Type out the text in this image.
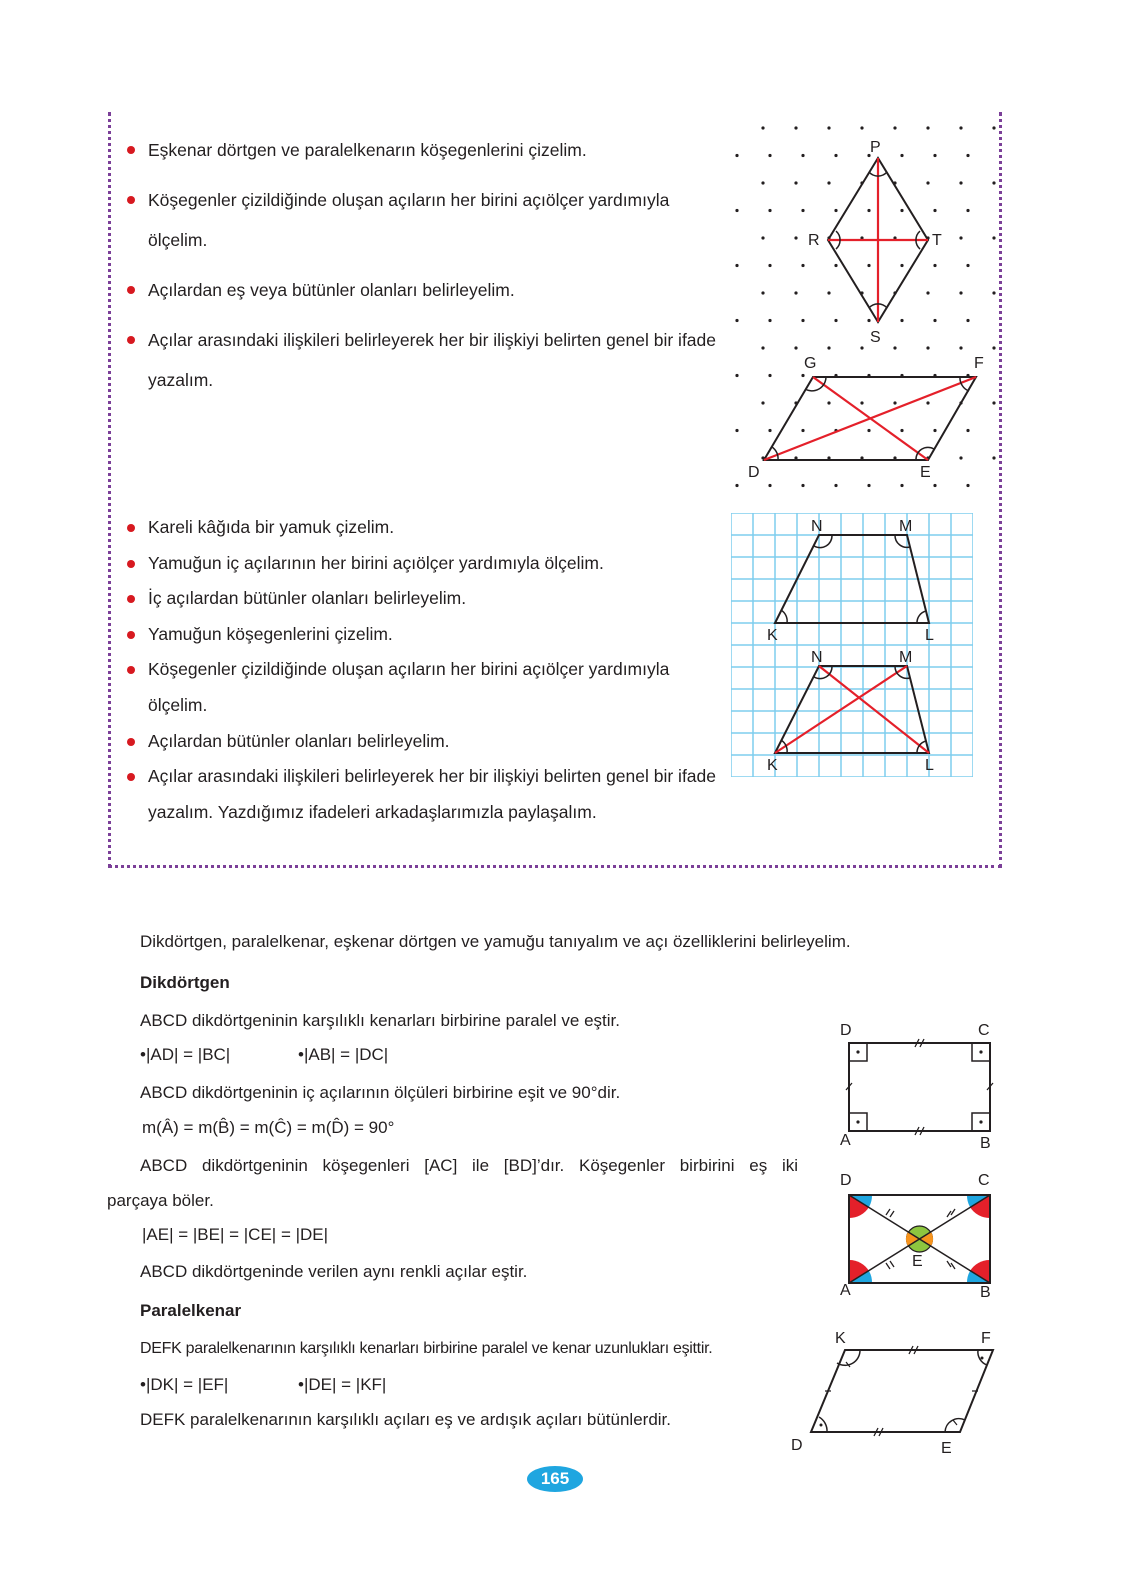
Eşkenar dörtgen ve paralelkenarın köşegenlerini çizelim.
Köşegenler çizildiğinde oluşan açıların her birini açıölçer yardımıyla ölçelim.
Açılardan eş veya bütünler olanları belirleyelim.
Açılar arasındaki ilişkileri belirleyerek her bir ilişkiyi belirten genel bir ifade yazalım.
P
R	T
S
G	F
D	E
Kareli kâğıda bir yamuk çizelim.
Yamuğun iç açılarının her birini açıölçer yardımıyla ölçelim.
İç açılardan bütünler olanları belirleyelim.
Yamuğun köşegenlerini çizelim.
Köşegenler çizildiğinde oluşan açıların her birini açıölçer yardımıyla ölçelim.
Açılardan bütünler olanları belirleyelim.
Açılar arasındaki ilişkileri belirleyerek her bir ilişkiyi belirten genel bir ifade yazalım. Yazdığımız ifadeleri arkadaşlarımızla paylaşalım.
N	M
K	L
N	M
K	L
Dikdörtgen, paralelkenar, eşkenar dörtgen ve yamuğu tanıyalım ve açı özelliklerini belirleyelim.
Dikdörtgen
ABCD dikdörtgeninin karşılıklı kenarları birbirine paralel ve eştir.
•|AD| = |BC|	•|AB| = |DC|
ABCD dikdörtgeninin iç açılarının ölçüleri birbirine eşit ve 90°dir.
m(Â) = m(B̂) = m(Ĉ) = m(D̂) = 90°
ABCD dikdörtgeninin köşegenleri [AC] ile [BD]’dır. Köşegenler birbirini eş iki
parçaya böler.
|AE| = |BE| = |CE| = |DE|
ABCD dikdörtgeninde verilen aynı renkli açılar eştir.
Paralelkenar
DEFK paralelkenarının karşılıklı kenarları birbirine paralel ve kenar uzunlukları eşittir.
•|DK| = |EF|	•|DE| = |KF|
DEFK paralelkenarının karşılıklı açıları eş ve ardışık açıları bütünlerdir.
D	C
A	B
D	C
A	B
E
K	F
D	E
165
